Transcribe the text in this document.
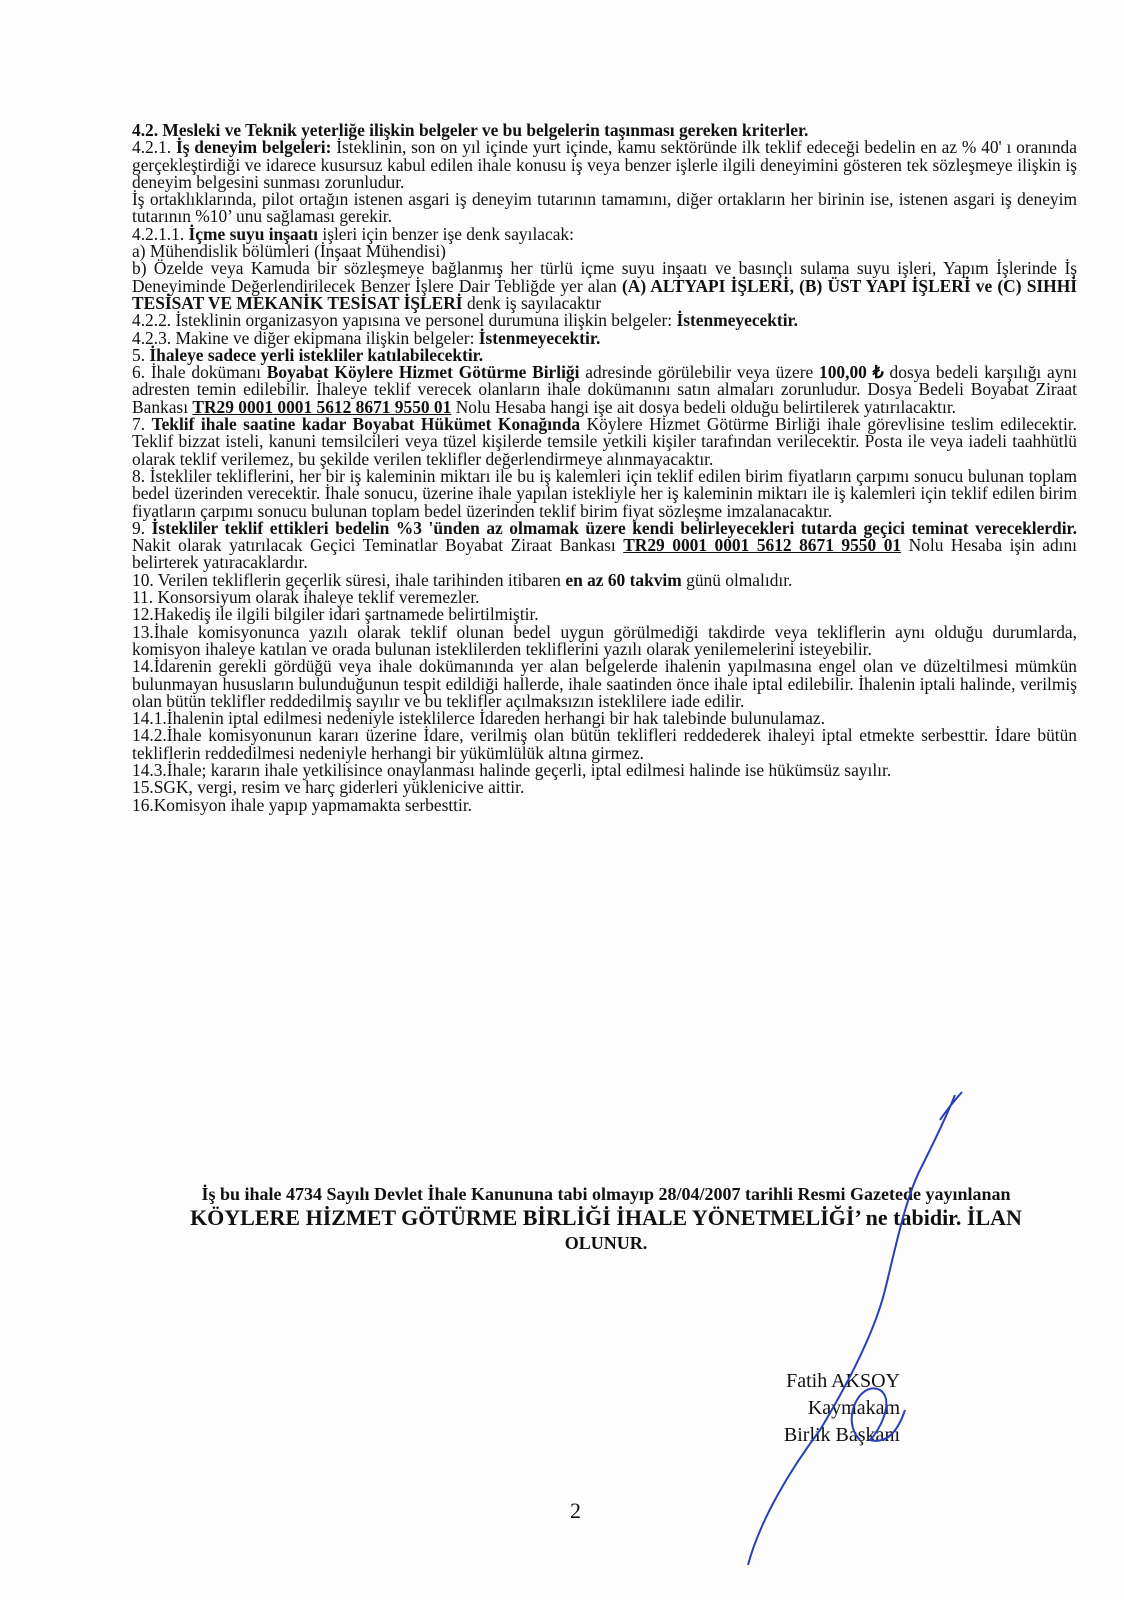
4.2. Mesleki ve Teknik yeterliğe ilişkin belgeler ve bu belgelerin taşınması gereken kriterler.

4.2.1. İş deneyim belgeleri: İsteklinin, son on yıl içinde yurt içinde, kamu sektöründe ilk teklif edeceği bedelin en az % 40' ı oranında gerçekleştirdiği ve idarece kusursuz kabul edilen ihale konusu iş veya benzer işlerle ilgili deneyimini gösteren tek sözleşmeye ilişkin iş deneyim belgesini sunması zorunludur.

İş ortaklıklarında, pilot ortağın istenen asgari iş deneyim tutarının tamamını, diğer ortakların her birinin ise, istenen asgari iş deneyim tutarının %10’ unu sağlaması gerekir.

4.2.1.1. İçme suyu inşaatı işleri için benzer işe denk sayılacak:

a) Mühendislik bölümleri (İnşaat Mühendisi)

b) Özelde veya Kamuda bir sözleşmeye bağlanmış her türlü içme suyu inşaatı ve basınçlı sulama suyu işleri, Yapım İşlerinde İş Deneyiminde Değerlendirilecek Benzer İşlere Dair Tebliğde yer alan (A) ALTYAPI İŞLERİ, (B) ÜST YAPI İŞLERİ ve (C) SIHHİ TESİSAT VE MEKANİK TESİSAT İŞLERİ denk iş sayılacaktır

4.2.2. İsteklinin organizasyon yapısına ve personel durumuna ilişkin belgeler: İstenmeyecektir.

4.2.3. Makine ve diğer ekipmana ilişkin belgeler: İstenmeyecektir.

5. İhaleye sadece yerli istekliler katılabilecektir.

6. İhale dokümanı Boyabat Köylere Hizmet Götürme Birliği adresinde görülebilir veya üzere 100,00 ₺ dosya bedeli karşılığı aynı adresten temin edilebilir. İhaleye teklif verecek olanların ihale dokümanını satın almaları zorunludur. Dosya Bedeli Boyabat Ziraat Bankası TR29 0001 0001 5612 8671 9550 01 Nolu Hesaba hangi işe ait dosya bedeli olduğu belirtilerek yatırılacaktır.

7. Teklif ihale saatine kadar Boyabat Hükümet Konağında Köylere Hizmet Götürme Birliği ihale görevlisine teslim edilecektir. Teklif bizzat isteli, kanuni temsilcileri veya tüzel kişilerde temsile yetkili kişiler tarafından verilecektir. Posta ile veya iadeli taahhütlü olarak teklif verilemez, bu şekilde verilen teklifler değerlendirmeye alınmayacaktır.

8. İstekliler tekliflerini, her bir iş kaleminin miktarı ile bu iş kalemleri için teklif edilen birim fiyatların çarpımı sonucu bulunan toplam bedel üzerinden verecektir. İhale sonucu, üzerine ihale yapılan istekliyle her iş kaleminin miktarı ile iş kalemleri için teklif edilen birim fiyatların çarpımı sonucu bulunan toplam bedel üzerinden teklif birim fiyat sözleşme imzalanacaktır.

9. İstekliler teklif ettikleri bedelin %3 'ünden az olmamak üzere kendi belirleyecekleri tutarda geçici teminat vereceklerdir. Nakit olarak yatırılacak Geçici Teminatlar Boyabat Ziraat Bankası TR29 0001 0001 5612 8671 9550 01 Nolu Hesaba işin adını belirterek yatıracaklardır.

10. Verilen tekliflerin geçerlik süresi, ihale tarihinden itibaren en az 60 takvim günü olmalıdır.

11. Konsorsiyum olarak ihaleye teklif veremezler.

12.Hakediş ile ilgili bilgiler idari şartnamede belirtilmiştir.

13.İhale komisyonunca yazılı olarak teklif olunan bedel uygun görülmediği takdirde veya tekliflerin aynı olduğu durumlarda, komisyon ihaleye katılan ve orada bulunan isteklilerden tekliflerini yazılı olarak yenilemelerini isteyebilir.

14.İdarenin gerekli gördüğü veya ihale dokümanında yer alan belgelerde ihalenin yapılmasına engel olan ve düzeltilmesi mümkün bulunmayan hususların bulunduğunun tespit edildiği hallerde, ihale saatinden önce ihale iptal edilebilir. İhalenin iptali halinde, verilmiş olan bütün teklifler reddedilmiş sayılır ve bu teklifler açılmaksızın isteklilere iade edilir.

14.1.İhalenin iptal edilmesi nedeniyle isteklilerce İdareden herhangi bir hak talebinde bulunulamaz.

14.2.İhale komisyonunun kararı üzerine İdare, verilmiş olan bütün teklifleri reddederek ihaleyi iptal etmekte serbesttir. İdare bütün tekliflerin reddedilmesi nedeniyle herhangi bir yükümlülük altına girmez.

14.3.İhale; kararın ihale yetkilisince onaylanması halinde geçerli, iptal edilmesi halinde ise hükümsüz sayılır.

15.SGK, vergi, resim ve harç giderleri yüklenicive aittir.

16.Komisyon ihale yapıp yapmamakta serbesttir.

İş bu ihale 4734 Sayılı Devlet İhale Kanununa tabi olmayıp 28/04/2007 tarihli Resmi Gazetede yayınlanan
KÖYLERE HİZMET GÖTÜRME BİRLİĞİ İHALE YÖNETMELİĞİ’ ne tabidir. İLAN
OLUNUR.
Fatih AKSOY
Kaymakam
Birlik Başkanı
2
